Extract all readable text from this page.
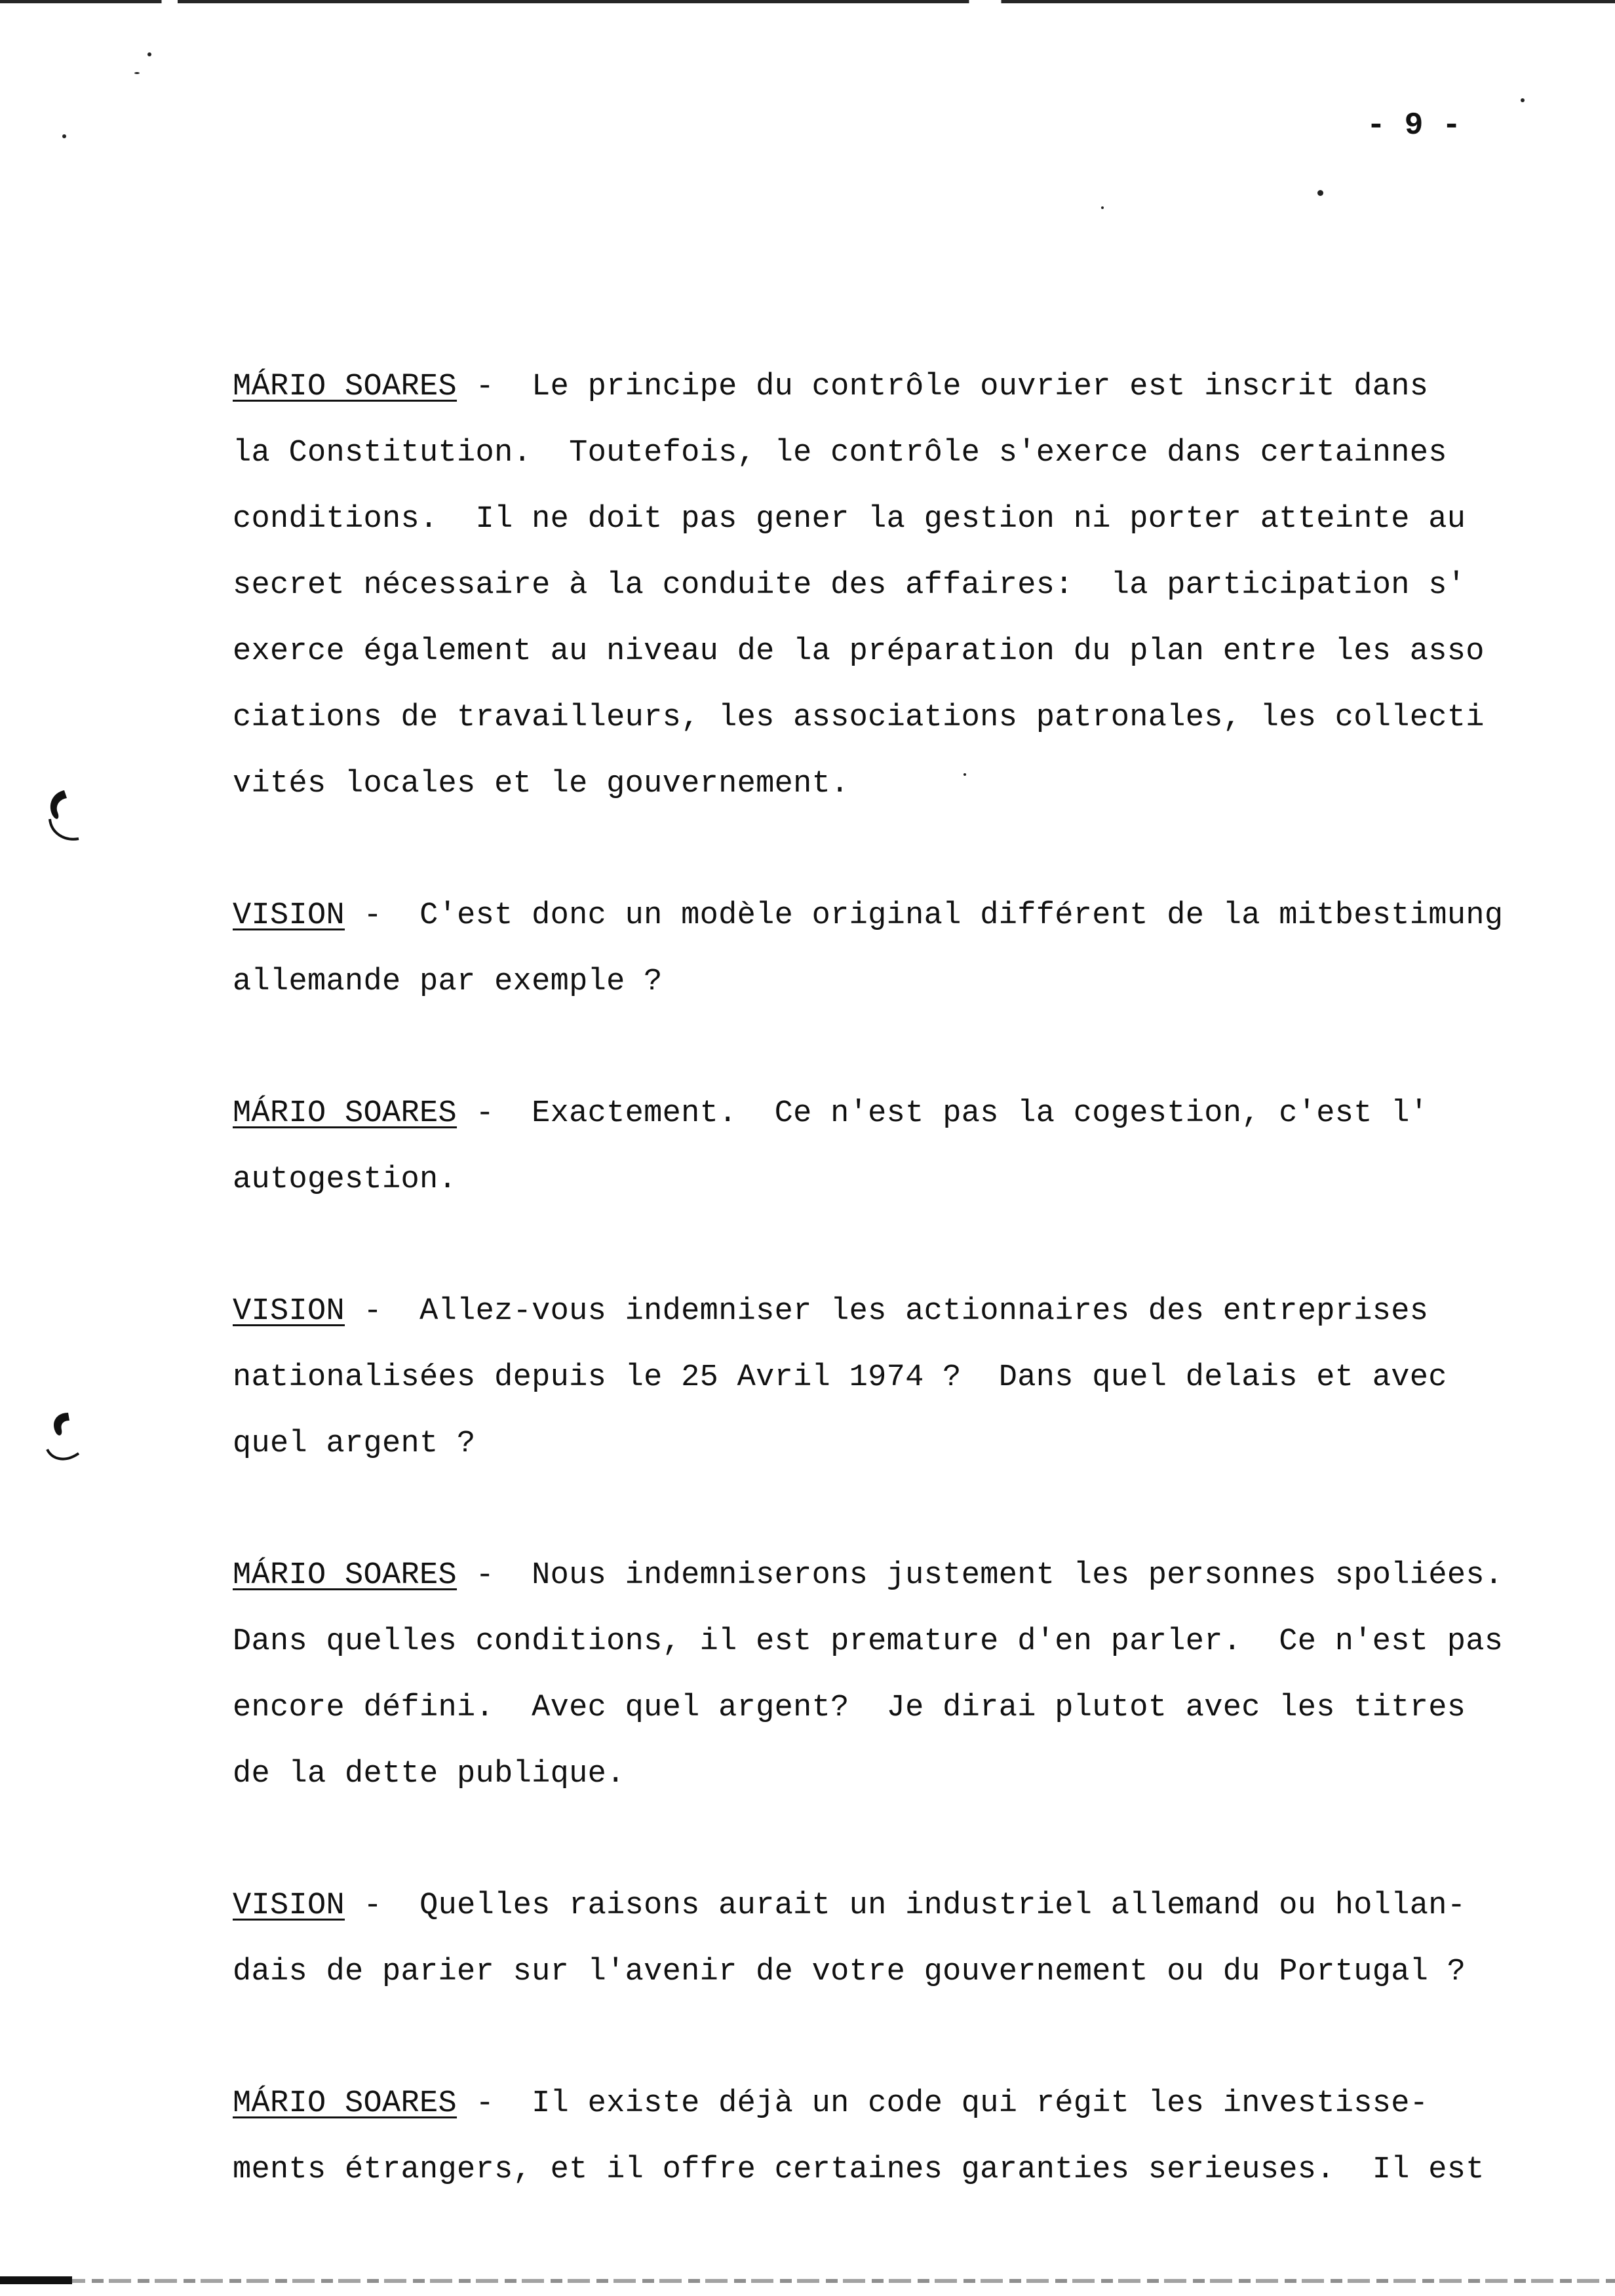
- 9 -
MÁRIO SOARES -  Le principe du contrôle ouvrier est inscrit dans
la Constitution.  Toutefois, le contrôle s'exerce dans certainnes
conditions.  Il ne doit pas gener la gestion ni porter atteinte au
secret nécessaire à la conduite des affaires:  la participation s'
exerce également au niveau de la préparation du plan entre les asso
ciations de travailleurs, les associations patronales, les collecti
vités locales et le gouvernement.
VISION -  C'est donc un modèle original différent de la mitbestimung
allemande par exemple ?
MÁRIO SOARES -  Exactement.  Ce n'est pas la cogestion, c'est l'
autogestion.
VISION -  Allez-vous indemniser les actionnaires des entreprises
nationalisées depuis le 25 Avril 1974 ?  Dans quel delais et avec
quel argent ?
MÁRIO SOARES -  Nous indemniserons justement les personnes spoliées.
Dans quelles conditions, il est premature d'en parler.  Ce n'est pas
encore défini.  Avec quel argent?  Je dirai plutot avec les titres
de la dette publique.
VISION -  Quelles raisons aurait un industriel allemand ou hollan-
dais de parier sur l'avenir de votre gouvernement ou du Portugal ?
MÁRIO SOARES -  Il existe déjà un code qui régit les investisse-
ments étrangers, et il offre certaines garanties serieuses.  Il est
